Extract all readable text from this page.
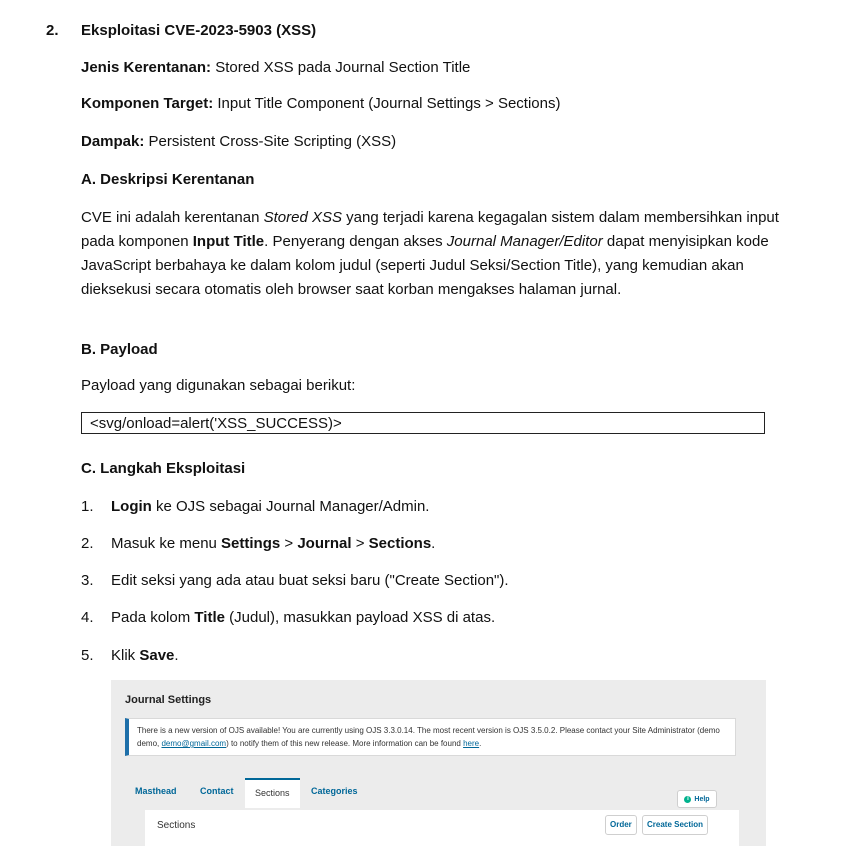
2. Eksploitasi CVE-2023-5903 (XSS)
Jenis Kerentanan: Stored XSS pada Journal Section Title
Komponen Target: Input Title Component (Journal Settings > Sections)
Dampak: Persistent Cross-Site Scripting (XSS)
A. Deskripsi Kerentanan
CVE ini adalah kerentanan Stored XSS yang terjadi karena kegagalan sistem dalam membersihkan input pada komponen Input Title. Penyerang dengan akses Journal Manager/Editor dapat menyisipkan kode JavaScript berbahaya ke dalam kolom judul (seperti Judul Seksi/Section Title), yang kemudian akan dieksekusi secara otomatis oleh browser saat korban mengakses halaman jurnal.
B. Payload
Payload yang digunakan sebagai berikut:
<svg/onload=alert('XSS_SUCCESS)>
C. Langkah Eksploitasi
1. Login ke OJS sebagai Journal Manager/Admin.
2. Masuk ke menu Settings > Journal > Sections.
3. Edit seksi yang ada atau buat seksi baru ("Create Section").
4. Pada kolom Title (Judul), masukkan payload XSS di atas.
5. Klik Save.
Journal Settings
There is a new version of OJS available! You are currently using OJS 3.3.0.14. The most recent version is OJS 3.5.0.2. Please contact your Site Administrator (demo demo, demo@gmail.com) to notify them of this new release. More information can be found here.
Masthead	Contact	Sections	Categories
i Help
Sections	Order	Create Section
